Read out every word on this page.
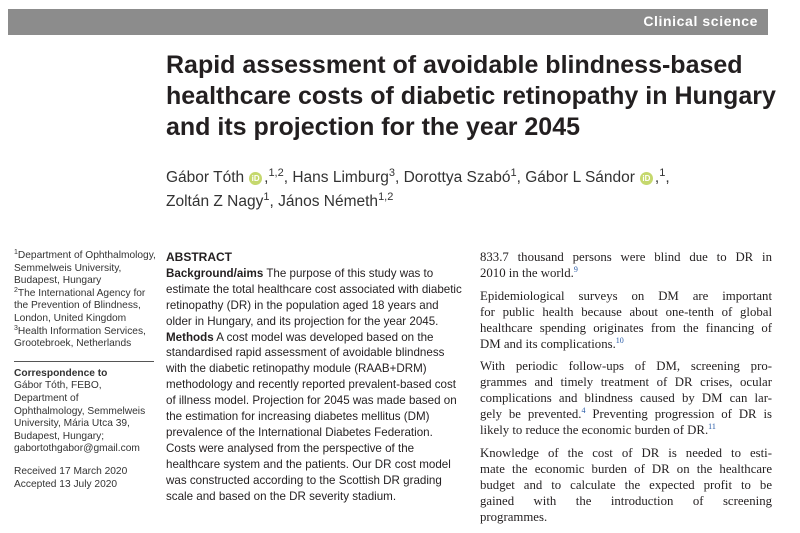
Clinical science
Rapid assessment of avoidable blindness-based
healthcare costs of diabetic retinopathy in Hungary
and its projection for the year 2045
Gábor Tóth iD ,$^{1,2}$, Hans Limburg$^3$, Dorottya Szabó$^1$, Gábor L Sándor iD ,$^1$,
Zoltán Z Nagy$^1$, János Németh$^{1,2}$
$^1$Department of Ophthalmology,
Semmelweis University,
Budapest, Hungary
$^2$The International Agency for
the Prevention of Blindness,
London, United Kingdom
$^3$Health Information Services,
Grootebroek, Netherlands
Correspondence to
Gábor Tóth, FEBO,
Department of
Ophthalmology, Semmelweis
University, Mária Utca 39,
Budapest, Hungary;
gabortothgabor@gmail.com
Received 17 March 2020
Accepted 13 July 2020
ABSTRACT
Background/aims The purpose of this study was to
estimate the total healthcare cost associated with diabetic
retinopathy (DR) in the population aged 18 years and
older in Hungary, and its projection for the year 2045.
Methods A cost model was developed based on the
standardised rapid assessment of avoidable blindness
with the diabetic retinopathy module (RAAB+DRM)
methodology and recently reported prevalent-based cost
of illness model. Projection for 2045 was made based on
the estimation for increasing diabetes mellitus (DM)
prevalence of the International Diabetes Federation.
Costs were analysed from the perspective of the
healthcare system and the patients. Our DR cost model
was constructed according to the Scottish DR grading
scale and based on the DR severity stadium.
833.7 thousand persons were blind due to DR in
2010 in the world.$^9$
Epidemiological surveys on DM are important
for public health because about one-tenth of global
healthcare spending originates from the financing of
DM and its complications.$^{10}$
With periodic follow-ups of DM, screening pro-
grammes and timely treatment of DR crises, ocular
complications and blindness caused by DM can lar-
gely be prevented.$^4$ Preventing progression of DR is
likely to reduce the economic burden of DR.$^{11}$
Knowledge of the cost of DR is needed to esti-
mate the economic burden of DR on the healthcare
budget and to calculate the expected profit to be
gained with the introduction of screening
programmes.
